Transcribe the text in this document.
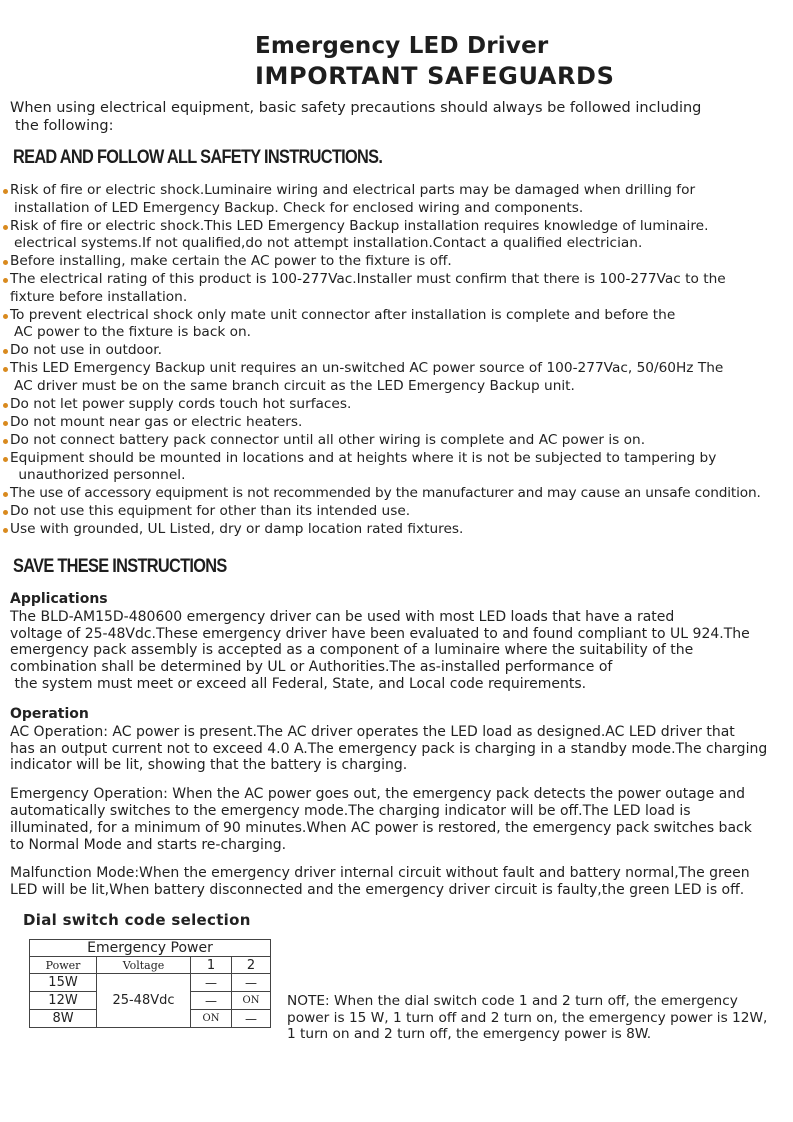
Emergency LED Driver
IMPORTANT SAFEGUARDS
When using electrical equipment, basic safety precautions should always be followed including
the following:
READ AND FOLLOW ALL SAFETY INSTRUCTIONS.
Risk of fire or electric shock.Luminaire wiring and electrical parts may be damaged when drilling for
installation of LED Emergency Backup. Check for enclosed wiring and components.
Risk of fire or electric shock.This LED Emergency Backup installation requires knowledge of luminaire.
electrical systems.If not qualified,do not attempt installation.Contact a qualified electrician.
Before installing, make certain the AC power to the fixture is off.
The electrical rating of this product is 100-277Vac.Installer must confirm that there is 100-277Vac to the
fixture before installation.
To prevent electrical shock only mate unit connector after installation is complete and before the
AC power to the fixture is back on.
Do not use in outdoor.
This LED Emergency Backup unit requires an un-switched AC power source of 100-277Vac, 50/60Hz The
AC driver must be on the same branch circuit as the LED Emergency Backup unit.
Do not let power supply cords touch hot surfaces.
Do not mount near gas or electric heaters.
Do not connect battery pack connector until all other wiring is complete and AC power is on.
Equipment should be mounted in locations and at heights where it is not be subjected to tampering by
unauthorized personnel.
The use of accessory equipment is not recommended by the manufacturer and may cause an unsafe condition.
Do not use this equipment for other than its intended use.
Use with grounded, UL Listed, dry or damp location rated fixtures.
SAVE THESE INSTRUCTIONS
Applications

The BLD-AM15D-480600 emergency driver can be used with most LED loads that have a rated

voltage of 25-48Vdc.These emergency driver have been evaluated to and found compliant to UL 924.The

emergency pack assembly is accepted as a component of a luminaire where the suitability of the

combination shall be determined by UL or Authorities.The as-installed performance of

the system must meet or exceed all Federal, State, and Local code requirements.

Operation

AC Operation: AC power is present.The AC driver operates the LED load as designed.AC LED driver that

has an output current not to exceed 4.0 A.The emergency pack is charging in a standby mode.The charging

indicator will be lit, showing that the battery is charging.

Emergency Operation: When the AC power goes out, the emergency pack detects the power outage and

automatically switches to the emergency mode.The charging indicator will be off.The LED load is

illuminated, for a minimum of 90 minutes.When AC power is restored, the emergency pack switches back

to Normal Mode and starts re-charging.

Malfunction Mode:When the emergency driver internal circuit without fault and battery normal,The green

LED will be lit,When battery disconnected and the emergency driver circuit is faulty,the green LED is off.

Dial switch code selection
Emergency Power			
Power	Voltage	1	2
15W	25-48Vdc	—	—
12W		—	ON
8W		ON	—
NOTE: When the dial switch code 1 and 2 turn off, the emergency
power is 15 W, 1 turn off and 2 turn on, the emergency power is 12W,
1 turn on and 2 turn off, the emergency power is 8W.
